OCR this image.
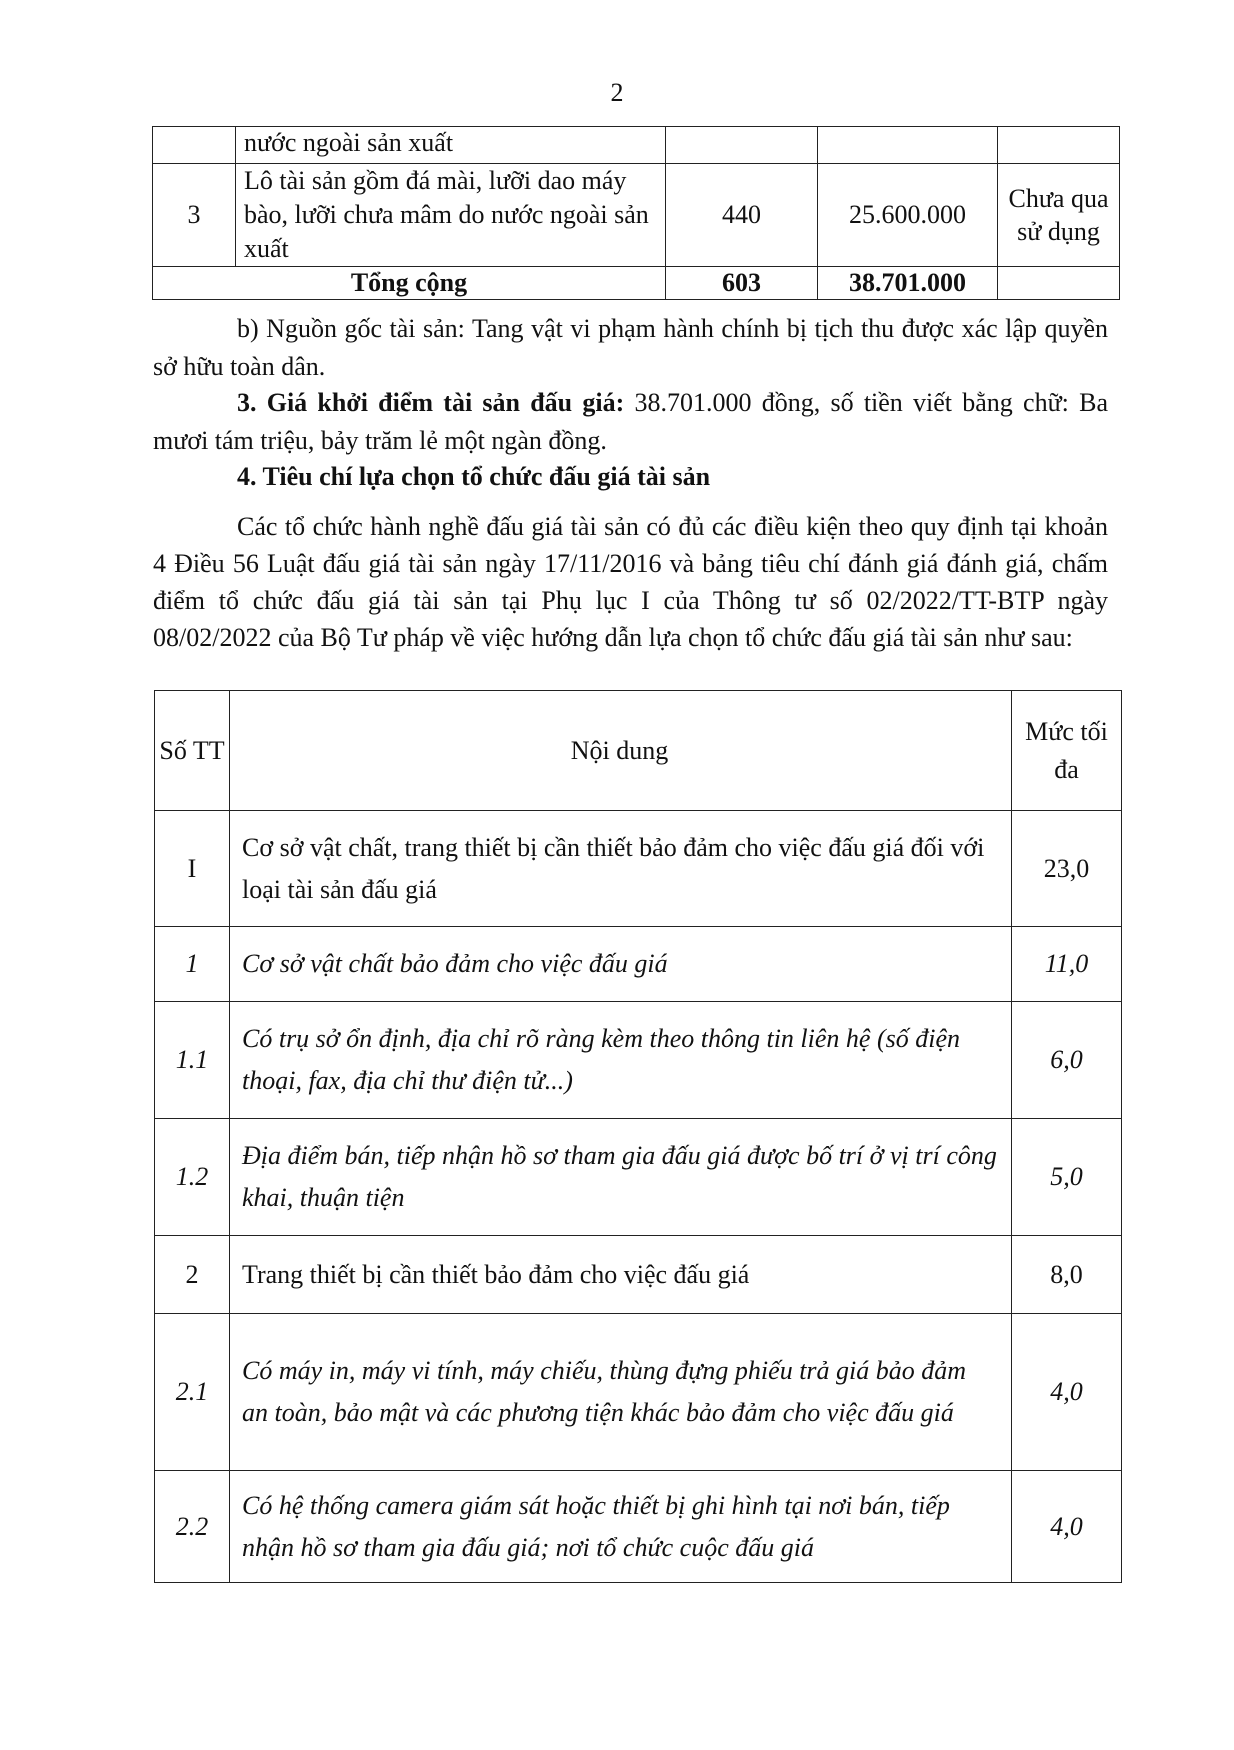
2
	nước ngoài sản xuất			
3	Lô tài sản gồm đá mài, lưỡi dao máy bào, lưỡi chưa mâm do nước ngoài sản xuất	440	25.600.000	Chưa qua sử dụng
Tổng cộng		603	38.701.000	

b) Nguồn gốc tài sản: Tang vật vi phạm hành chính bị tịch thu được xác lập quyền sở hữu toàn dân.

3. Giá khởi điểm tài sản đấu giá: 38.701.000 đồng, số tiền viết bằng chữ: Ba mươi tám triệu, bảy trăm lẻ một ngàn đồng.

4. Tiêu chí lựa chọn tổ chức đấu giá tài sản

Các tổ chức hành nghề đấu giá tài sản có đủ các điều kiện theo quy định tại khoản 4 Điều 56 Luật đấu giá tài sản ngày 17/11/2016 và bảng tiêu chí đánh giá đánh giá, chấm điểm tổ chức đấu giá tài sản tại Phụ lục I của Thông tư số 02/2022/TT-BTP ngày 08/02/2022 của Bộ Tư pháp về việc hướng dẫn lựa chọn tổ chức đấu giá tài sản như sau:

Số TT	Nội dung	Mức tối đa
I	Cơ sở vật chất, trang thiết bị cần thiết bảo đảm cho việc đấu giá đối với loại tài sản đấu giá	23,0
1	Cơ sở vật chất bảo đảm cho việc đấu giá	11,0
1.1	Có trụ sở ổn định, địa chỉ rõ ràng kèm theo thông tin liên hệ (số điện thoại, fax, địa chỉ thư điện tử...)	6,0
1.2	Địa điểm bán, tiếp nhận hồ sơ tham gia đấu giá được bố trí ở vị trí công khai, thuận tiện	5,0
2	Trang thiết bị cần thiết bảo đảm cho việc đấu giá	8,0
2.1	Có máy in, máy vi tính, máy chiếu, thùng đựng phiếu trả giá bảo đảm an toàn, bảo mật và các phương tiện khác bảo đảm cho việc đấu giá	4,0
2.2	Có hệ thống camera giám sát hoặc thiết bị ghi hình tại nơi bán, tiếp nhận hồ sơ tham gia đấu giá; nơi tổ chức cuộc đấu giá	4,0
